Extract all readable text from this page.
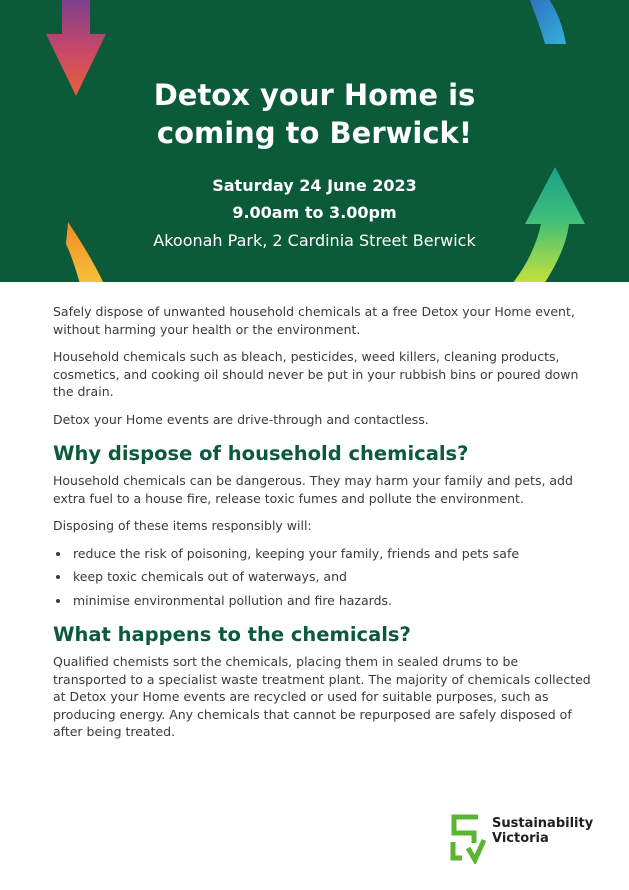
Detox your Home is
coming to Berwick!
Saturday 24 June 2023
9.00am to 3.00pm
Akoonah Park, 2 Cardinia Street Berwick

Safely dispose of unwanted household chemicals at a free Detox your Home event, without harming your health or the environment.

Household chemicals such as bleach, pesticides, weed killers, cleaning products, cosmetics, and cooking oil should never be put in your rubbish bins or poured down the drain.

Detox your Home events are drive-through and contactless.

Why dispose of household chemicals?

Household chemicals can be dangerous. They may harm your family and pets, add extra fuel to a house fire, release toxic fumes and pollute the environment.

Disposing of these items responsibly will:

reduce the risk of poisoning, keeping your family, friends and pets safe
keep toxic chemicals out of waterways, and
minimise environmental pollution and fire hazards.
What happens to the chemicals?

Qualified chemists sort the chemicals, placing them in sealed drums to be transported to a specialist waste treatment plant. The majority of chemicals collected at Detox your Home events are recycled or used for suitable purposes, such as producing energy. Any chemicals that cannot be repurposed are safely disposed of after being treated.

Sustainability
Victoria
